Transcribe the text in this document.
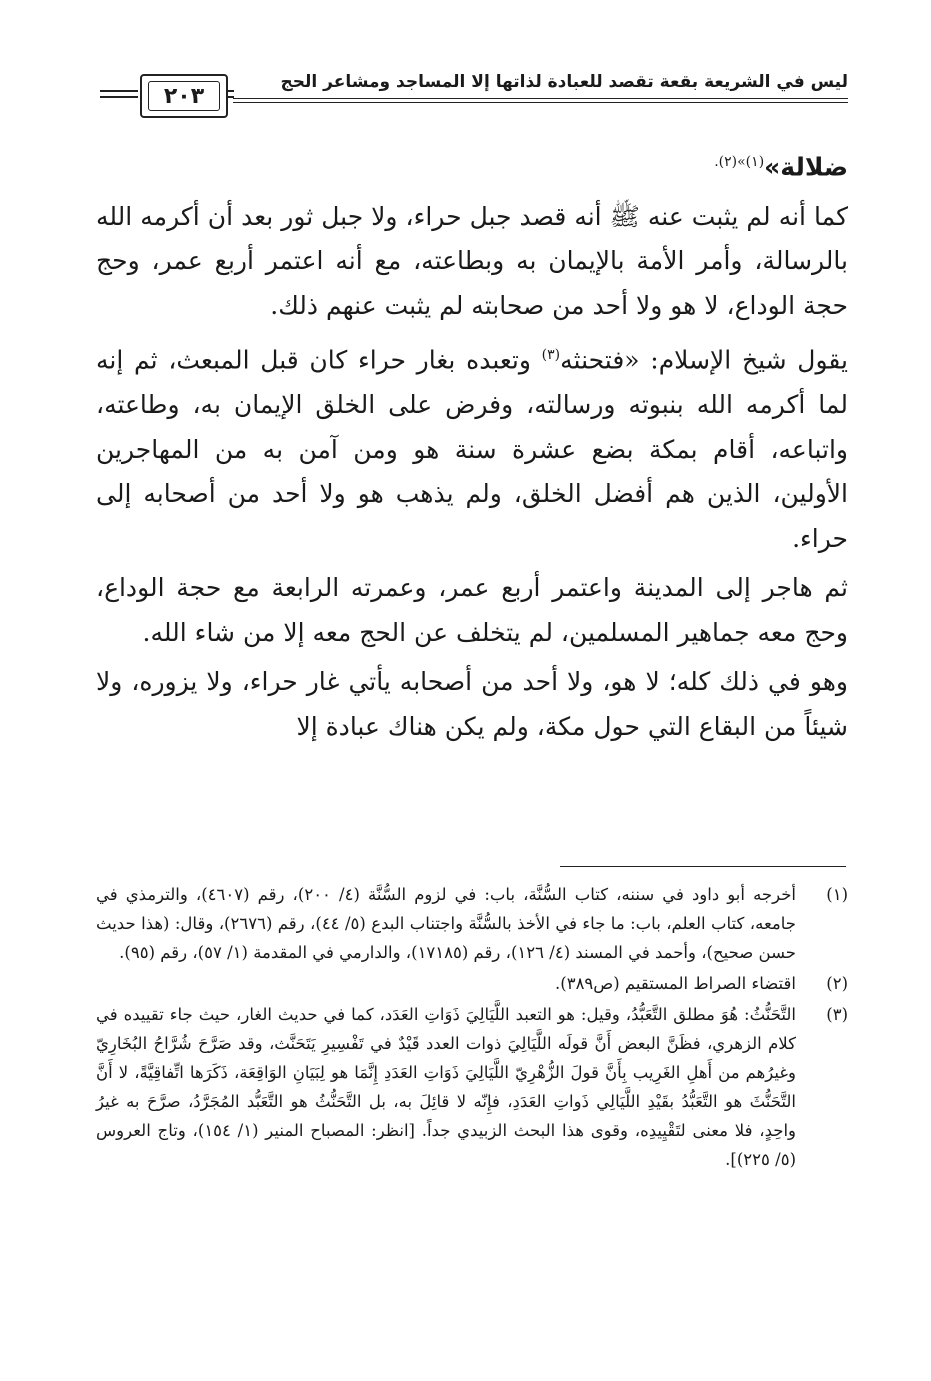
ليس في الشريعة بقعة تقصد للعبادة لذاتها إلا المساجد ومشاعر الحج
٢٠٣

ضلالة»$^{(١)»(٢).}$

كما أنه لم يثبت عنه ﷺ أنه قصد جبل حراء، ولا جبل ثور بعد أن أكرمه الله بالرسالة، وأمر الأمة بالإيمان به وبطاعته، مع أنه اعتمر أربع عمر، وحج حجة الوداع، لا هو ولا أحد من صحابته لم يثبت عنهم ذلك.

يقول شيخ الإسلام: «فتحنثه$^{(٣)}$ وتعبده بغار حراء كان قبل المبعث، ثم إنه لما أكرمه الله بنبوته ورسالته، وفرض على الخلق الإيمان به، وطاعته، واتباعه، أقام بمكة بضع عشرة سنة هو ومن آمن به من المهاجرين الأولين، الذين هم أفضل الخلق، ولم يذهب هو ولا أحد من أصحابه إلى حراء.

ثم هاجر إلى المدينة واعتمر أربع عمر، وعمرته الرابعة مع حجة الوداع، وحج معه جماهير المسلمين، لم يتخلف عن الحج معه إلا من شاء الله.

وهو في ذلك كله؛ لا هو، ولا أحد من أصحابه يأتي غار حراء، ولا يزوره، ولا شيئاً من البقاع التي حول مكة، ولم يكن هناك عبادة إلا

(١)
أخرجه أبو داود في سننه، كتاب السُّنَّة، باب: في لزوم السُّنَّة (٤/ ٢٠٠)، رقم (٤٦٠٧)، والترمذي في جامعه، كتاب العلم، باب: ما جاء في الأخذ بالسُّنَّة واجتناب البدع (٥/ ٤٤)، رقم (٢٦٧٦)، وقال: (هذا حديث حسن صحيح)، وأحمد في المسند (٤/ ١٢٦)، رقم (١٧١٨٥)، والدارمي في المقدمة (١/ ٥٧)، رقم (٩٥).
(٢)
اقتضاء الصراط المستقيم (ص٣٨٩).
(٣)
التَّحَنُّثُ: هُوَ مطلق التَّعَبُّدُ، وقيل: هو التعبد اللَّيَالِيَ ذَوَاتِ العَدَد، كما في حديث الغار، حيث جاء تقييده في كلام الزهري، فظَنَّ البعض أَنَّ قولَه اللَّيَالِيَ ذوات العدد قَيْدٌ في تَفْسِيرِ يَتَحَنَّث، وقد صَرَّحَ شُرَّاحُ البُخَارِيّ وغيرُهم من أَهلِ الغَرِيب بِأَنَّ قولَ الزُّهْرِيّ اللَّيَالِيَ ذَوَاتِ العَدَدِ إِنَّمَا هو لِبَيَانِ الوَاقِعَة، ذَكَرَها اتِّفاقِيَّةً، لا أَنَّ التَّحَنُّثَ هو التَّعَبُّدُ بقَيْدِ اللَّيَالِي ذَواتِ العَدَدِ، فإِنّه لا قائِلَ به، بل التَّحَنُّثُ هو التَّعَبُّد المُجَرَّدُ، صرَّحَ به غيرُ واحِدٍ، فلا معنى لتَقْيِيدِه، وقوى هذا البحث الزبيدي جداً. [انظر: المصباح المنير (١/ ١٥٤)، وتاج العروس (٥/ ٢٢٥)].
